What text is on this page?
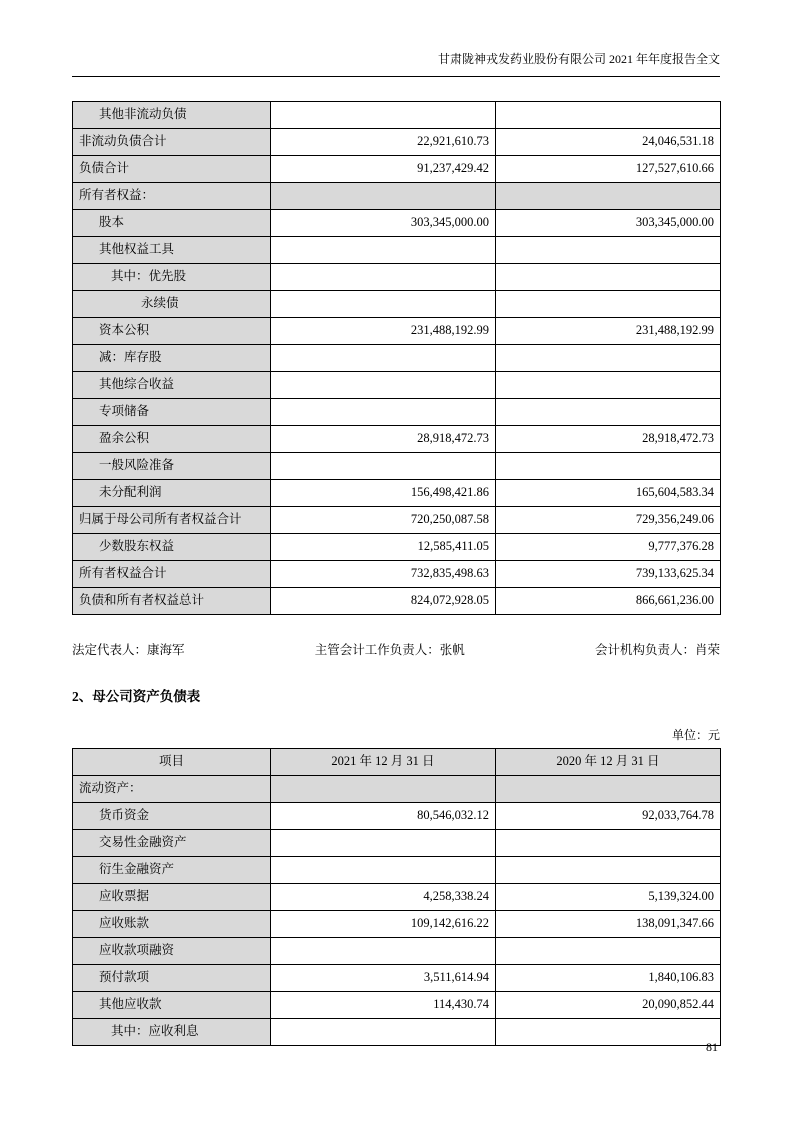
甘肃陇神戎发药业股份有限公司 2021 年年度报告全文
其他非流动负债		
非流动负债合计	22,921,610.73	24,046,531.18
负债合计	91,237,429.42	127,527,610.66
所有者权益：		
股本	303,345,000.00	303,345,000.00
其他权益工具		
其中：优先股		
永续债		
资本公积	231,488,192.99	231,488,192.99
减：库存股		
其他综合收益		
专项储备		
盈余公积	28,918,472.73	28,918,472.73
一般风险准备		
未分配利润	156,498,421.86	165,604,583.34
归属于母公司所有者权益合计	720,250,087.58	729,356,249.06
少数股东权益	12,585,411.05	9,777,376.28
所有者权益合计	732,835,498.63	739,133,625.34
负债和所有者权益总计	824,072,928.05	866,661,236.00
法定代表人：康海军	主管会计工作负责人：张帆	会计机构负责人：肖荣
2、母公司资产负债表
单位：元
项目	2021 年 12 月 31 日	2020 年 12 月 31 日
流动资产：		
货币资金	80,546,032.12	92,033,764.78
交易性金融资产		
衍生金融资产		
应收票据	4,258,338.24	5,139,324.00
应收账款	109,142,616.22	138,091,347.66
应收款项融资		
预付款项	3,511,614.94	1,840,106.83
其他应收款	114,430.74	20,090,852.44
其中：应收利息		
81
